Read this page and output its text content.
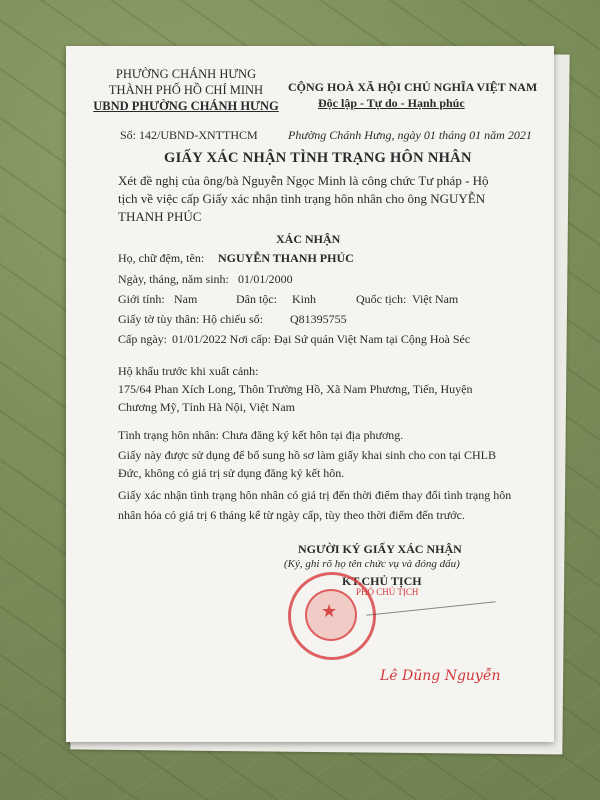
PHƯỜNG CHÁNH HƯNG
THÀNH PHỐ HỒ CHÍ MINH
UBND PHƯỜNG CHÁNH HƯNG
CỘNG HOÀ XÃ HỘI CHỦ NGHĨA VIỆT NAM
Độc lập - Tự do - Hạnh phúc
Số: 142/UBND-XNTTHCM	Phường Chánh Hưng, ngày 01 tháng 01 năm 2021
GIẤY XÁC NHẬN TÌNH TRẠNG HÔN NHÂN
Xét đề nghị của ông/bà Nguyễn Ngọc Minh là công chức Tư pháp - Hộ
tịch về việc cấp Giấy xác nhận tình trạng hôn nhân cho ông NGUYỄN
THANH PHÚC
XÁC NHẬN
Họ, chữ đệm, tên: NGUYỄN THANH PHÚC
Ngày, tháng, năm sinh: 01/01/2000
Giới tính: Nam	Dân tộc: Kinh	Quốc tịch: Việt Nam
Giấy tờ tùy thân: Hộ chiếu số: Q81395755
Cấp ngày: 01/01/2022 Nơi cấp: Đại Sứ quán Việt Nam tại Cộng Hoà Séc
Hộ khẩu trước khi xuất cảnh:
175/64 Phan Xích Long, Thôn Trường Hồ, Xã Nam Phương, Tiến, Huyện
Chương Mỹ, Tỉnh Hà Nội, Việt Nam
Tình trạng hôn nhân: Chưa đăng ký kết hôn tại địa phương.
Giấy này được sử dụng để bổ sung hồ sơ làm giấy khai sinh cho con tại CHLB
Đức, không có giá trị sử dụng đăng ký kết hôn.
Giấy xác nhận tình trạng hôn nhân có giá trị đến thời điểm thay đổi tình trạng hôn
nhân hóa có giá trị 6 tháng kể từ ngày cấp, tùy theo thời điểm đến trước.
NGƯỜI KÝ GIẤY XÁC NHẬN
(Ký, ghi rõ họ tên chức vụ và đóng dấu)
KT.CHỦ TỊCH
★
PHÓ CHỦ TỊCH
Lê Dũng Nguyễn
